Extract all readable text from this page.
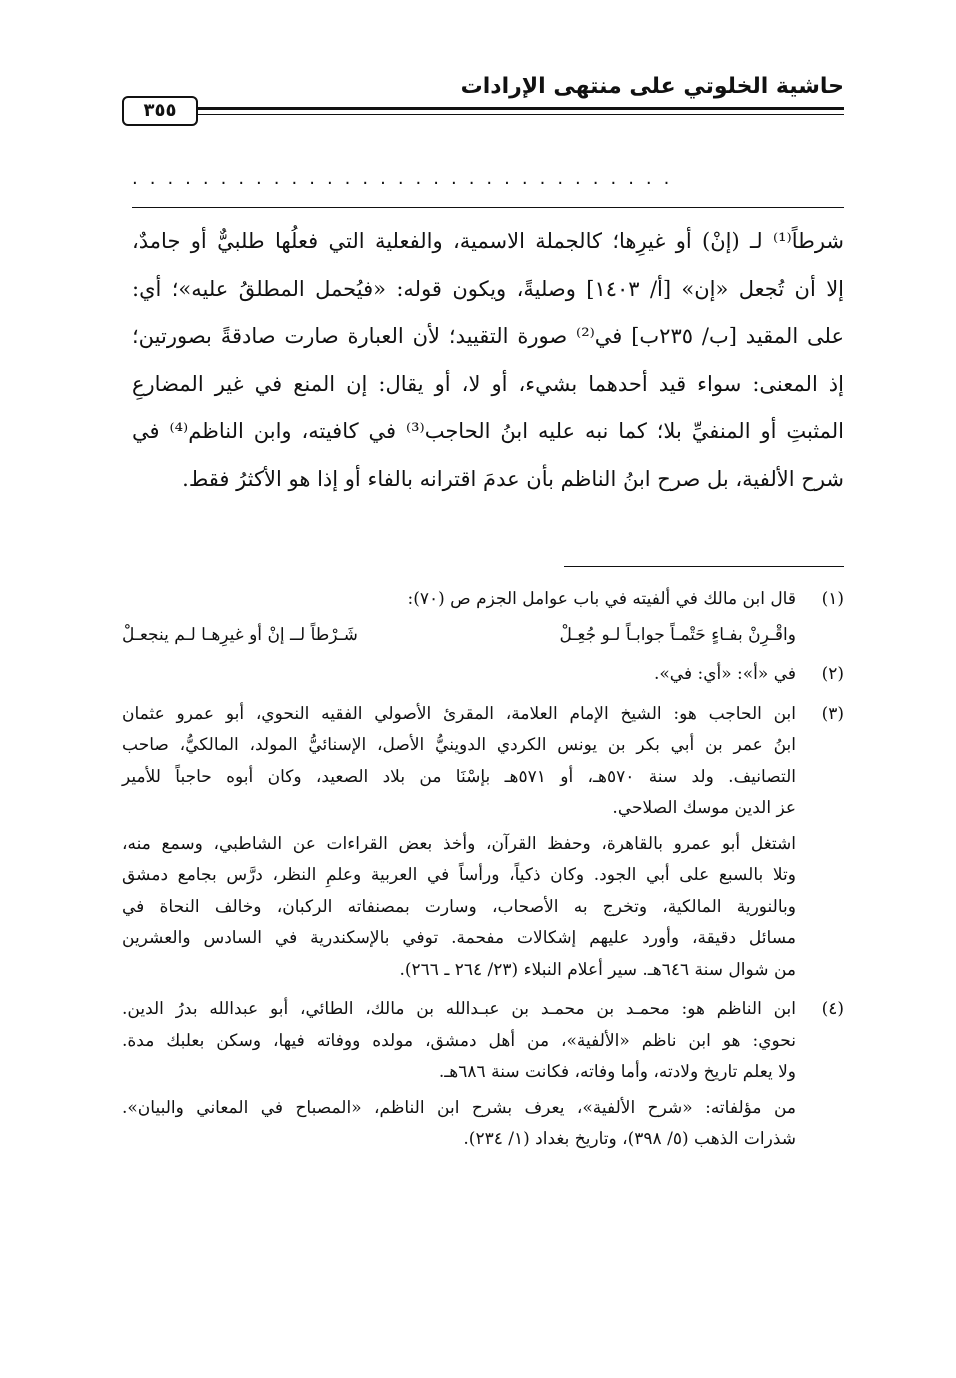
حاشية الخلوتي على منتهى الإرادات
٣٥٥
...............................

شرطاً⁽¹⁾ لـ (إنْ) أو غيرِها؛ كالجملة الاسمية، والفعلية التي فعلُها طلبيٌّ أو جامدٌ،

إلا أن تُجعل «إن» [أ/ ١٤٠٣] وصليةً، ويكون قوله: «فيُحمل المطلقُ عليه»؛ أي:

على المقيد [ب/ ٢٣٥ب] في⁽²⁾ صورة التقييد؛ لأن العبارة صارت صادقةً بصورتين؛

إذ المعنى: سواء قيد أحدهما بشيء، أو لا، أو يقال: إن المنع في غير المضارعِ

المثبتِ أو المنفيِّ بلا؛ كما نبه عليه ابنُ الحاجب⁽³⁾ في كافيته، وابن الناظم⁽⁴⁾ في

شرح الألفية، بل صرح ابنُ الناظم بأن عدمَ اقترانه بالفاء أو إذا هو الأكثرُ فقط.

(١)

قال ابن مالك في ألفيته في باب عوامل الجزم ص (٧٠):

واقْـرِنْ بفـاءٍ حَتْمـاً جوابـاً لـو جُعِـلْ
شَـرْطاً لــ إنْ أو غيرِهـا لـم ينجعـلْ
(٢)

في «أ»: «أي: في».

(٣)

ابن الحاجب هو: الشيخ الإمام العلامة، المقرئ الأصولي الفقيه النحوي، أبو عمرو عثمان

ابنُ عمر بن أبي بكر بن يونس الكردي الدوينيُّ الأصل، الإسنائيُّ المولد، المالكيُّ، صاحب

التصانيف. ولد سنة ٥٧٠هـ، أو ٥٧١هـ بإسْنَا من بلاد الصعيد، وكان أبوه حاجباً للأمير

عز الدين موسك الصلاحي.

اشتغل أبو عمرو بالقاهرة، وحفظ القرآن، وأخذ بعض القراءات عن الشاطبي، وسمع منه،

وتلا بالسبع على أبي الجود. وكان ذكياً، ورأساً في العربية وعلمِ النظر، درَّس بجامع دمشق

وبالنورية المالكية، وتخرج به الأصحاب، وسارت بمصنفاته الركبان، وخالف النحاة في

مسائل دقيقة، وأورد عليهم إشكالات مفحمة. توفي بالإسكندرية في السادس والعشرين

من شوال سنة ٦٤٦هـ. سير أعلام النبلاء (٢٣/ ٢٦٤ ـ ٢٦٦).

(٤)

ابن الناظم هو: محمـد بن محمـد بن عبـدالله بن مالك، الطائي، أبو عبدالله بدرُ الدين.

نحوي: هو ابن ناظم «الألفية»، من أهل دمشق، مولده ووفاته فيها، وسكن بعلبك مدة.

ولا يعلم تاريخ ولادته، وأما وفاته، فكانت سنة ٦٨٦هـ.

من مؤلفاته: «شرح الألفية»، يعرف بشرح ابن الناظم، «المصباح في المعاني والبيان».

شذرات الذهب (٥/ ٣٩٨)، وتاريخ بغداد (١/ ٢٣٤).
